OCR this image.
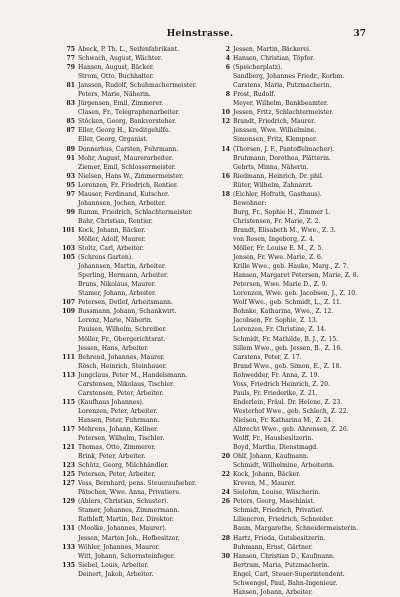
Heinstrasse.	37
75 Abeck, P. Th. L., Seifenfabrikant.
77 Schwach, August, Wächter.
79 Hansen, August, Bäcker.
Strom, Otto, Buchhalter.
81 Janssen, Rudolf, Schuhmachermeister.
Peters, Marie, Näherin.
83 Jürgensen, Emil, Zimmerer.
Clasen, Fr., Telegraphenarbeiter.
85 Stöcken, Georg, Bankvorsteher.
87 Eller, Georg H., Kreditgehilfe.
Eller, Georg, Organist.
89 Donnerhus, Carsten, Fuhrmann.
91 Mohr, August, Maurerarbeiter.
Ziemer, Emil, Schlossermeister.
93 Nielsen, Hans W., Zimmermeister.
95 Lorenzen, Fr. Friedrich, Rentier.
97 Mauser, Ferdinand, Kutscher.
Johannsen, Jochen, Arbeiter.
99 Rumm, Friedrich, Schlachtermeister.
Bahr, Christian, Rentier.
101 Kock, Johann, Bäcker.
Möller, Adolf, Maurer.
103 Stoltz, Carl, Arbeiter.
105 (Schrens Garten).
Johannsen, Martin, Arbeiter.
Sperling, Hermann, Arbeiter.
Bruns, Nikolaus, Maurer.
Stamer, Johann, Arbeiter.
107 Petersen, Detlef, Arbeitsmann.
109 Bussmann, Johann, Schankwirt.
Lorenz, Marie, Näherin.
Paulsen, Wilhelm, Schreiber.
Möller, Fr., Obergerichtsrat.
Jessen, Hans, Arbeiter.
111 Behrend, Johannes, Maurer.
Rösch, Heinrich, Steinhauer.
113 Jungclaus, Peter M., Handelsmann.
Carstensen, Nikolaus, Tischler.
Carstensen, Peter, Arbeiter.
115 (Kaufhaus Johannes).
Lorenzen, Peter, Arbeiter.
Hansen, Peter, Fuhrmann.
117 Mehrens, Johann, Kellner.
Petersen, Wilhelm, Tischler.
121 Thomas, Otto, Zimmerer.
Brink, Peter, Arbeiter.
123 Schütz, Georg, Milchhändler.
125 Petersen, Peter, Arbeiter.
127 Voss, Bernhard, pens. Steueraufseher.
Pätschen, Wwe. Anna, Privatiere.
129 (Ahlers, Christian, Schuster).
Stamer, Johannes, Zimmermann.
Rathleff, Martin, Bez. Direktor.
131 (Moolke, Johannes, Maurer).
Jessen, Marten Joh., Hofbesitzer.
133 Wöhler, Johannes, Maurer.
Witt, Johann, Schornsteinfeger.
135 Siebel, Louis, Arbeiter.
Deinert, Jakob, Arbeiter.
2 Jessen, Martin, Bäckerei.
4 Hansen, Christian, Töpfer.
6 (Speicherplatz).
Sandberg, Johannes Friedr., Korbm.
Carstens, Maria, Putzmacherin.
8 Frost, Rudolf.
Meyer, Wilhelm, Bankbeamter.
10 Jessen, Fritz, Schlachtermeister.
12 Brandt, Friedrich, Maurer.
Jenssen, Wwe. Wilhelmine.
Simonsen, Fritz, Klempner.
14 (Thorsen, J. F., Pantoffelmacher).
Bruhmann, Dorothea, Plätterin.
Gehrts, Minna, Näherin.
16 Riedmann, Heinrich, Dr. phil.
Rüter, Wilhelm, Zahnarzt.
18 (Eichler, Hofrath, Gasthaus).
Bewohner:
Burg, Fr., Sophie H., Zimmer 1.
Christensen, Fr. Marie, Z. 2.
Brandt, Elisabeth M., Wwe., Z. 3.
von Rosen, Ingeborg, Z. 4.
Möller, Fr. Louise E. M., Z. 5.
Jensen, Fr. Wwe. Marie, Z. 6.
Krille Wwe., geb. Hauke, Marg., Z. 7.
Hansen, Margaret Petersen, Marie, Z. 8.
Petersen, Wwe. Marie D., Z. 9.
Lorenzen, Wwe. geb. Jacobsen, J., Z. 10.
Wolf Wwe., geb. Schmidt, L., Z. 11.
Bohnke, Katharina, Wwe., Z. 12.
Jacobsen, Fr. Sophie, Z. 13.
Lorenzen, Fr. Christine, Z. 14.
Schmidt, Fr. Mathilde, B. J., Z. 15.
Sillem Wwe., geb. Jessen, B., Z. 16.
Carstens, Peter, Z. 17.
Brand Wwe., geb. Simon, E., Z. 18.
Rohwedder, Fr. Anna, Z. 19.
Voss, Friedrich Heinrich, Z. 20.
Pauls, Fr. Friederike, Z. 21.
Enderlein, Fräul. Dr. Helene, Z. 23.
Westerhof Wwe., geb. Schlech, Z. 22.
Nielsen, Fr. Katharina M., Z. 24.
Albrecht Wwe., geb. Ahrensen, Z. 26.
Wolff, Fr., Hausbesitzerin.
Boyd, Martha, Dienstmagd.
20 Ohlf, Johann, Kaufmann.
Schmidt, Wilhelmine, Arbeiterin.
22 Kock, Johann, Bäcker.
Kreven, M., Maurer.
24 Sielohm, Louise, Wäscherin.
26 Peters, Georg, Maschinist.
Schmidt, Friedrich, Privatier.
Liliencron, Friedrich, Schneider.
Baum, Margarethe, Schneidermeisterin.
28 Hartz, Frieda, Gutsbesitzerin.
Buhmann, Ernst, Gärtner.
30 Hansen, Christian D., Kaufmann.
Bertram, Maria, Putzmacherin.
Engel, Carl, Steuer-Superintendent.
Schwengel, Paul, Bahn-Ingenieur.
Hansen, Johann, Arbeiter.
